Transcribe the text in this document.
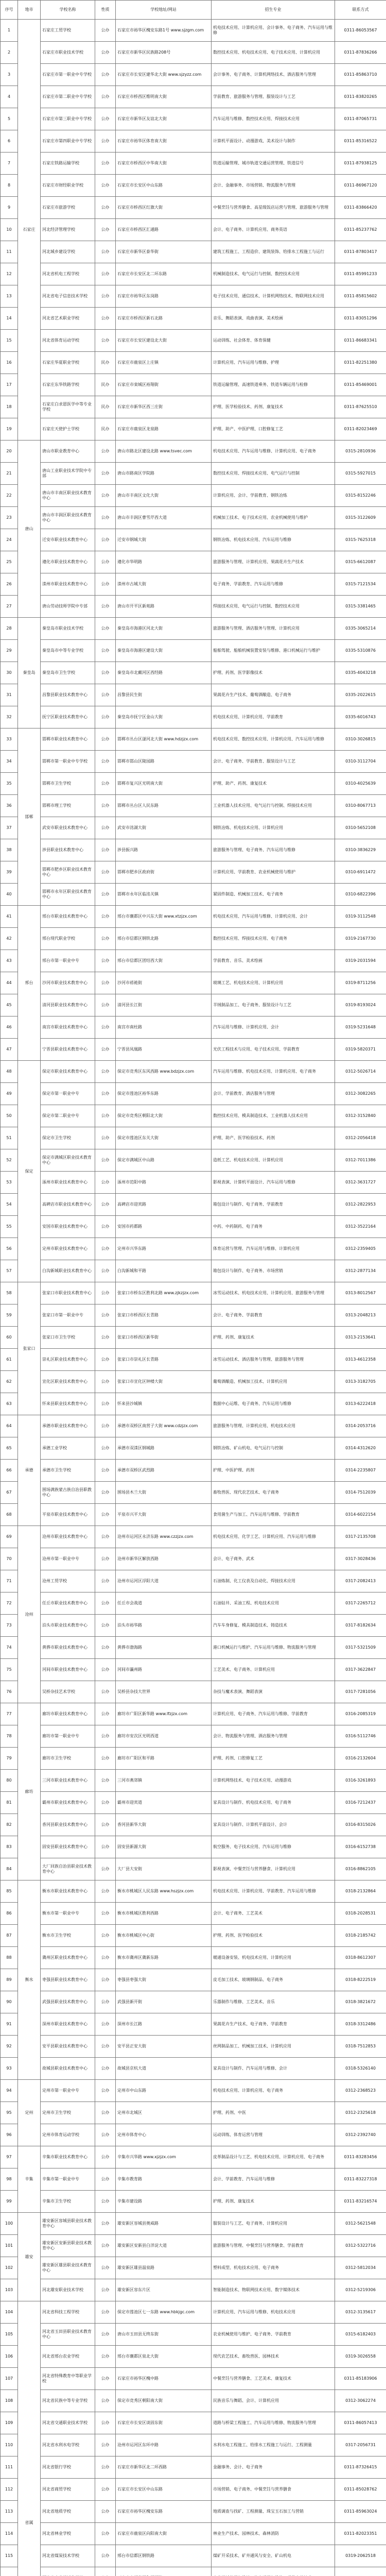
序号	地市	学校名称	性质	学校地址/网站	招生专业	联系方式
1	石家庄	石家庄工贸学校	公办	石家庄市裕华区槐安东路1号 www.sjzgm.com	机电技术应用、计算机应用、会计事务、电子商务、汽车运用与维修	0311-86053567
2		石家庄市职业技术学校	公办	石家庄市新华区民族路208号	数控技术应用、机电技术应用、电子技术应用、计算机应用	0311-87836266
3		石家庄市第一职业中专学校	公办	石家庄市长安区建华北大街 www.sjzyzz.com	会计事务、电子商务、计算机网络技术、酒店服务与管理	0311-85863710
4		石家庄市第二职业中专学校	公办	石家庄市桥西区维明南大街	学前教育、旅游服务与管理、服装设计与工艺	0311-83820265
5		石家庄市第三职业中专学校	公办	石家庄市新华区友谊北大街	汽车运用与维修、数控技术应用、焊接技术应用	0311-87065731
6		石家庄市第四职业中专学校	公办	石家庄市裕华区体育南大街	计算机平面设计、动漫游戏、美术设计与制作	0311-85316522
7		石家庄铁路运输学校	公办	石家庄市桥西区中华南大街	铁道运输管理、城市轨道交通运营管理、铁道信号	0311-87938125
8		石家庄市财经职业学校	公办	石家庄市长安区中山东路	会计、金融事务、市场营销、物流服务与管理	0311-86967120
9		石家庄市旅游学校	公办	石家庄市桥西区红旗大街	中餐烹饪与营养膳食、高星级饭店运营与管理、旅游服务与管理	0311-83866420
10		河北经济管理学校	公办	石家庄市桥西区汇通路	会计、电子商务、计算机应用、商务英语	0311-85237762
11		河北城乡建设学校	公办	石家庄市新华区泰华街	建筑工程施工、工程造价、建筑装饰、给排水工程施工与运行	0311-87803417
12		河北省机电工程学校	公办	石家庄市长安区北二环东路	机械制造技术、电气运行与控制、数控技术应用	0311-85991233
13		河北省电子信息技术学校	公办	石家庄市裕华区东岗路	电子技术应用、通信技术、计算机网络技术、物联网技术应用	0311-85815602
14		河北省艺术职业学校	公办	石家庄市桥西区新石北路	音乐、舞蹈表演、戏曲表演、美术绘画	0311-83051296
15		河北省体育运动学校	公办	石家庄市长安区建设北大街	运动训练、社会体育、体育保健	0311-86683341
16		石家庄华夏职业学校	民办	石家庄市鹿泉区上庄镇	计算机应用、汽车运用与维修、护理	0311-82251380
17		石家庄东华铁路学校	民办	石家庄市栾城区裕翔街	铁道运输管理、高速铁道乘务、铁道车辆运用与检修	0311-85469001
18		石家庄白求恩医学中等专业学校	民办	石家庄市新华区西三庄街	护理、医学检验技术、药剂、康复技术	0311-87625510
19		石家庄天使护士学校	民办	石家庄市鹿泉区龙泉路	护理、助产、中医护理、口腔修复工艺	0311-82023469
20	唐山	唐山市职业教育中心	公办	唐山市路北区建设北路 www.tsvec.com	机电技术应用、汽车运用与维修、计算机应用、电子商务	0315-2810936
21		唐山工业职业技术学院中专部	公办	唐山市路南区学院路	数控技术应用、焊接技术应用、电气运行与控制	0315-5927015
22		唐山市丰南区职业技术教育中心	公办	唐山市丰南区文化大街	计算机应用、会计、学前教育、钢铁冶炼	0315-8152246
23		唐山市丰润区职业技术教育中心	公办	唐山市丰润区曹雪芹西大道	机械加工技术、电子技术应用、农业机械使用与维护	0315-3122609
24		迁安市职业技术教育中心	公办	迁安市钢城大街	钢铁冶炼、机电技术应用、汽车运用与维修	0315-7625318
25		遵化市职业技术教育中心	公办	遵化市华明路	旅游服务与管理、计算机应用、果蔬花卉生产技术	0315-6612087
26		滦州市职业技术教育中心	公办	滦州市古城大街	电子商务、学前教育、汽车运用与维修	0315-7121534
27		唐山劳动技师学院中专部	公办	唐山市开平区新苑路	焊接技术应用、电气运行与控制、数控技术应用	0315-3381465
28	秦皇岛	秦皇岛市职业技术学校	公办	秦皇岛市海港区河北大街	旅游服务与管理、酒店服务与管理、计算机应用	0335-3065214
29		秦皇岛市中等专业学校	公办	秦皇岛市海港区建设大街	船舶驾驶、船舶机械装置安装与维修、港口机械运行与维护	0335-5310876
30		秦皇岛市卫生学校	公办	秦皇岛市北戴河区西经路	护理、药剂、医学影像技术	0335-4043218
31		昌黎县职业技术教育中心	公办	昌黎县民生街	果蔬花卉生产技术、葡萄酒酿造、电子商务	0335-2022615
32		抚宁区职业技术教育中心	公办	秦皇岛市抚宁区金山大街	机电技术应用、计算机应用、学前教育	0335-6016743
33	邯郸	邯郸市职业技术教育中心	公办	邯郸市丛台区滏河北大街 www.hdzjzx.com	机电技术应用、数控技术应用、计算机应用、汽车运用与维修	0310-3026815
34		邯郸市第一职业中专学校	公办	邯郸市邯山区陵园路	会计、电子商务、学前教育、服装设计与工艺	0310-3112704
35		邯郸市卫生学校	公办	邯郸市复兴区光明南大街	护理、助产、药剂、康复技术	0310-4025639
36		邯郸市理工学校	公办	邯郸市丛台区人民东路	工业机器人技术应用、电气运行与控制、焊接技术应用	0310-8067713
37		武安市职业技术教育中心	公办	武安市洺湖大街	钢铁冶炼、机电技术应用、计算机应用	0310-5652108
38		涉县职业技术教育中心	公办	涉县振兴路	旅游服务与管理、电子商务、汽车运用与维修	0310-3836229
39		邯郸市肥乡区职业技术教育中心	公办	邯郸市肥乡区政府街	计算机应用、学前教育、农业机械使用与维护	0310-6911472
40		邯郸市永年区职业技术教育中心	公办	邯郸市永年区临洺关镇	紧固件制造、机械加工技术、电子商务	0310-6822396
41	邢台	邢台市职业技术教育中心	公办	邢台市襄都区中兴东大街 www.xtzjzx.com	机电技术应用、汽车运用与维修、计算机应用、会计	0319-3112548
42		邢台现代职业学校	公办	邢台市信都区钢铁北路	数控技术应用、焊接技术应用、电子商务	0319-2167730
43		邢台市第一职业中专	公办	邢台市信都区团结西大街	学前教育、音乐、美术绘画	0319-2031594
44		沙河市职业技术教育中心	公办	沙河市褡裢街	玻璃工艺、机电技术应用、计算机应用	0319-8711256
45		清河县职业技术教育中心	公办	清河县长江街	羊绒制品加工、电子商务、服装设计与工艺	0319-8193024
46		南宫市职业技术教育中心	公办	南宫市南杜路	汽车运用与维修、计算机应用、会计	0319-5231648
47		宁晋县职业技术教育中心	公办	宁晋县凤凰路	光伏工程技术与应用、电子技术应用、学前教育	0319-5820371
48	保定	保定市职业技术教育中心	公办	保定市竞秀区东风西路 www.bdzjzx.com	汽车运用与维修、机电技术应用、计算机应用、电子商务	0312-5026714
49		保定市第一职业中专	公办	保定市莲池区裕华东路	会计、学前教育、酒店服务与管理	0312-3082265
50		保定市第二职业中专	公办	保定市竞秀区朝阳北大街	数控技术应用、模具制造技术、工业机器人技术应用	0312-3152840
51		保定市卫生学校	公办	保定市莲池区东关大街	护理、助产、医学检验技术、药剂	0312-2056418
52		保定市满城区职业技术教育中心	公办	保定市满城区中山路	造纸工艺、机电技术应用、计算机应用	0312-7011386
53		涿州市职业技术教育中心	公办	涿州市范阳中路	影视表演、计算机平面设计、汽车运用与维修	0312-3631727
54		高碑店市职业技术教育中心	公办	高碑店市迎宾路	箱包设计与制作、电子商务、学前教育	0312-2822953
55		安国市职业技术教育中心	公办	安国市药都路	中药、中药制药、电子商务	0312-3522164
56		定州市职业技术教育中心	公办	定州市兴华东路	体育运营与管理、汽车运用与维修、计算机应用	0312-2359405
57		白沟新城职业技术教育中心	公办	白沟新城和平路	箱包设计与制作、电子商务、市场营销	0312-2877134
58	张家口	张家口市职业技术教育中心	公办	张家口市桥东区胜利北路 www.zjkzjzx.com	冰雪运动技术、机电技术应用、计算机应用、旅游服务与管理	0313-8012567
59		张家口市第一职业中专	公办	张家口市桥西区长青路	会计、电子商务、学前教育	0313-2048213
60		张家口市卫生学校	公办	张家口市桥西区新华街	护理、药剂、康复技术	0313-2153641
61		崇礼区职业技术教育中心	公办	张家口市崇礼区长青路	冰雪运动技术、酒店服务与管理、旅游服务与管理	0313-4612358
62		宣化区职业技术教育中心	公办	张家口市宣化区钟楼大街	葡萄酒酿造、机械加工技术、计算机应用	0313-3182705
63		怀来县职业技术教育中心	公办	怀来县沙城镇	数据中心运维、电子商务、汽车运用与维修	0313-6222418
64	承德	承德市职业技术教育中心	公办	承德市双桥区南营子大街 www.cdzjzx.com	旅游服务与管理、计算机应用、机电技术应用	0314-2053716
65		承德工业学校	公办	承德市双滦区钢城路	钢铁冶炼、矿山机电、电气运行与控制	0314-4312620
66		承德市卫生学校	公办	承德市双桥区武烈路	护理、中医护理、药剂	0314-2235807
67		围场满族蒙古族自治县职教中心	公办	围场县木兰大街	畜牧兽医、现代农艺技术、电子商务	0314-7512039
68		平泉市职业技术教育中心	公办	平泉市兴平大街	食用菌生产与加工、汽车运用与维修、学前教育	0314-6022154
69	沧州	沧州市职业技术教育中心	公办	沧州市运河区永济东路 www.czzjzx.com	机电技术应用、化学工艺、计算机应用、汽车运用与维修	0317-2135708
70		沧州市第一职业中专	公办	沧州市新华区解放西路	会计、电子商务、武术	0317-3028436
71		沧州工贸学校	公办	沧州市运河区浮阳大道	石油炼制、化工仪表及自动化、焊接技术应用	0317-2082413
72		任丘市职业技术教育中心	公办	任丘市会战道	石油钻井、采油工程、机电技术应用	0317-2265712
73		泊头市职业技术教育中心	公办	泊头市裕华路	汽车车身修复、模具制造技术、铸造技术	0317-8182634
74		黄骅市职业技术教育中心	公办	黄骅市渤海路	港口机械运行与维护、汽车运用与维修、物流服务与管理	0317-5321509
75		河间市职业技术教育中心	公办	河间市瀛州路	工艺美术、电子商务、计算机应用	0317-3622847
76		吴桥杂技艺术学校	公办	吴桥县杂技大世界	杂技与魔术表演、舞蹈表演	0317-7281056
77	廊坊	廊坊市职业技术教育中心	公办	廊坊市广阳区新华路 www.lfzjzx.com	计算机应用、电子商务、汽车运用与维修、学前教育	0316-2085319
78		廊坊市第一职业中专	公办	廊坊市安次区光明西道	会计、物流服务与管理、酒店服务与管理	0316-5112746
79		廊坊市卫生学校	公办	廊坊市广阳区和平路	护理、药剂、口腔修复工艺	0316-2132604
80		三河市职业技术教育中心	公办	三河市燕郊镇	计算机网络技术、电子技术应用、动漫游戏	0316-3261893
81		霸州市职业技术教育中心	公办	霸州市迎宾道	家具设计与制作、机电技术应用、电子商务	0316-7212437
82		香河县职业技术教育中心	公办	香河县新华大街	家具设计与制作、计算机平面设计、会计	0316-8315026
83		固安县职业技术教育中心	公办	固安县新源大街	航空服务、电子技术应用、汽车运用与维修	0316-6152738
84		大厂回族自治县职业技术教育中心	公办	大厂县大安街	影视表演、中餐烹饪与营养膳食、计算机应用	0316-8862105
85	衡水	衡水市职业技术教育中心	公办	衡水市桃城区人民东路 www.hszjzx.com	机电技术应用、计算机应用、学前教育、汽车运用与维修	0318-2132864
86		衡水市第一职业中专	公办	衡水市桃城区胜利西路	会计、电子商务、工艺美术	0318-2028531
87		衡水市卫生学校	公办	衡水市桃城区中心街	护理、药剂、医学检验技术	0318-2185742
88		冀州区职业技术教育中心	公办	衡水市冀州区冀新东路	暖通设备安装、机电技术应用、计算机应用	0318-8612307
89		枣强县职业技术教育中心	公办	枣强县枣强大街	皮毛加工技术、玻璃钢制品、电子商务	0318-8222519
90		武强县职业技术教育中心	公办	武强县新开街	乐器制作与维修、工艺美术、音乐	0318-3821672
91		深州市职业技术教育中心	公办	深州市长江路	果蔬花卉生产技术、电子商务、学前教育	0318-3312486
92		安平县职业技术教育中心	公办	安平县正安大街	丝网制品加工、机械加工技术、计算机应用	0318-7512853
93		故城县职业技术教育中心	公办	故城县京杭大道	家具设计与制作、汽车运用与维修、会计	0318-5326140
94	定州	定州市第一职业中专	公办	定州市中山东路	机电技术应用、计算机应用、电子商务	0312-2368523
95		定州市卫生学校	公办	定州市北城区	护理、药剂、中医	0312-2325618
96		定州市体育运动学校	公办	定州市体育中心	运动训练、体育运营与管理	0312-2392740
97	辛集	辛集市职业技术教育中心	公办	辛集市兴华路 www.xjzjzx.com	皮革制品设计与工艺、机电技术应用、计算机应用、电子商务	0311-83283456
98		辛集市第一职业中专	公办	辛集市教育路	会计、学前教育、汽车运用与维修	0311-83227318
99		辛集市卫生学校	公办	辛集市建设路	护理、药剂、康复技术	0311-83216574
100	雄安	雄安新区容城县职业技术教育中心	公办	雄安新区容城县奥威路	服装设计与工艺、电子商务、计算机应用	0312-5621548
101		雄安新区安新县职业技术教育中心	公办	雄安新区安新县白洋淀大道	旅游服务与管理、中餐烹饪与营养膳食、学前教育	0312-5322716
102		雄安新区雄县职业技术教育中心	公办	雄安新区雄县温泉路	塑料成型、机电技术应用、电子商务	0312-5812034
103		河北雄安职业技术学校	公办	雄安新区容东片区	智能制造技术、物联网技术应用、数字媒体技术	0312-5219306
104	省属	河北省科技工程学校	公办	保定市莲池区七一东路 www.hbkjgc.com	计算机应用、汽车运用与维修、机电技术应用	0312-3135617
105		河北省玉田县职业技术教育中心	公办	唐山市玉田县无终东街	农业机械使用与维护、电子商务、学前教育	0315-6182403
106		河北省邢台农业学校	公办	邢台市襄都区泉北大街	现代农艺技术、畜牧兽医、园林技术	0319-3026558
107		河北省特殊教育中等职业学校	公办	石家庄市裕华区槐中路	中餐烹饪与营养膳食、工艺美术、康复技术	0311-85183906
108		河北省民族中等专业学校	公办	保定市竞秀区朝阳南大街	民族音乐与舞蹈、会计、计算机应用	0312-3062274
109		河北省交通职业技术学校	公办	石家庄市长安区谈固东街	道路与桥梁工程施工、汽车运用与维修、物流服务与管理	0311-86057413
110		河北省水利水电学校	公办	沧州市运河区东环中路	水利水电工程施工、给排水工程施工与运行、工程测量	0317-2056731
111		河北省银行学校	公办	石家庄市新华区北二环西路	金融事务、会计、电子商务	0311-87326415
112		河北省商贸学校	公办	石家庄市长安区中山东路	市场营销、电子商务、中餐烹饪与营养膳食	0311-85028762
113		河北省地质学校	公办	石家庄市裕华区槐安东路	地质调查与找矿、工程测量、珠宝玉石加工与营销	0311-85963024
114		河北省林业学校	公办	石家庄市鹿泉区向阳南大街	林业生产技术、园林技术、森林消防	0311-82023351
115		河北省煤炭技术学校	公办	邢台市信都区钢铁路	煤矿开采技术、矿井通风与安全、矿山机电	0319-2062518
